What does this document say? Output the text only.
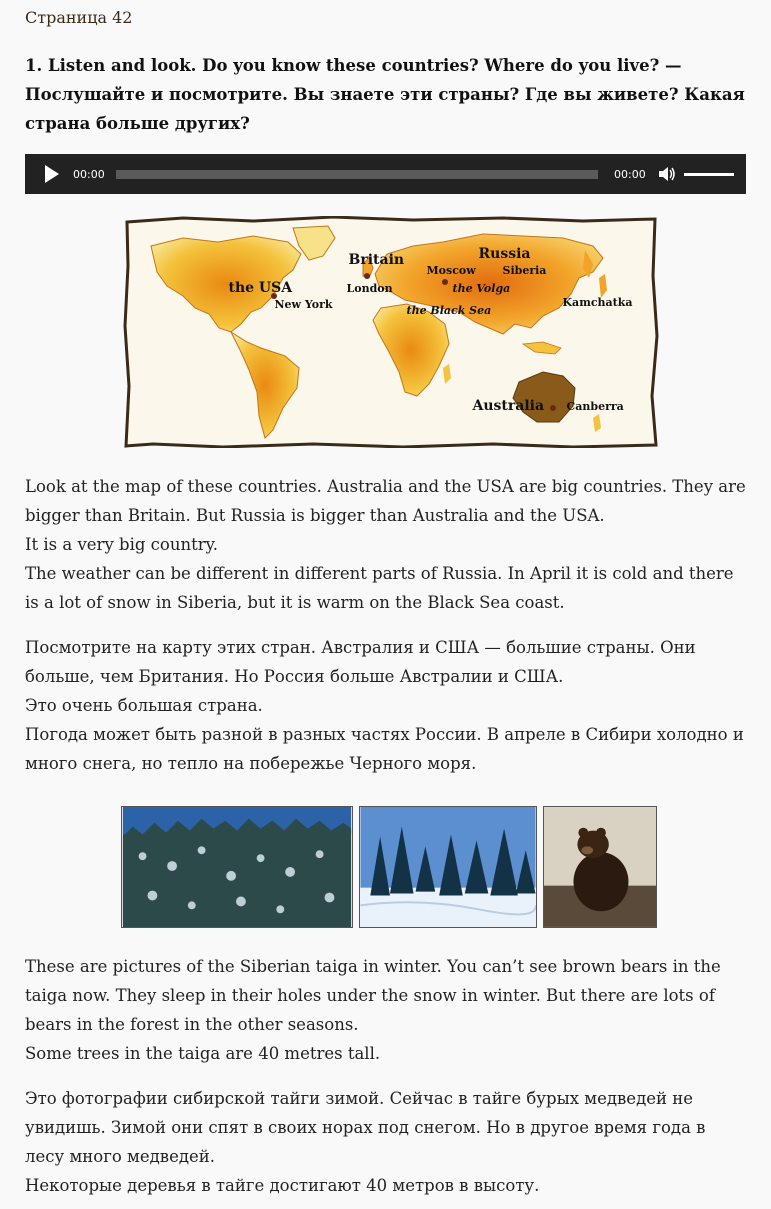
Страница 42
1. Listen and look. Do you know these countries? Where do you live? — Послушайте и посмотрите. Вы знаете эти страны? Где вы живете? Какая страна больше других?
00:00	00:00
the USA
New York
Britain
London
Moscow
Russia
Siberia
the Volga
the Black Sea
Kamchatka
Australia Canberra

Look at the map of these countries. Australia and the USA are big countries. They are bigger than Britain. But Russia is bigger than Australia and the USA.

It is a very big country.

The weather can be different in different parts of Russia. In April it is cold and there is a lot of snow in Siberia, but it is warm on the Black Sea coast.

Посмотрите на карту этих стран. Австралия и США — большие страны. Они больше, чем Британия. Но Россия больше Австралии и США.

Это очень большая страна.

Погода может быть разной в разных частях России. В апреле в Сибири холодно и много снега, но тепло на побережье Черного моря.

These are pictures of the Siberian taiga in winter. You can’t see brown bears in the taiga now. They sleep in their holes under the snow in winter. But there are lots of bears in the forest in the other seasons.

Some trees in the taiga are 40 metres tall.

Это фотографии сибирской тайги зимой. Сейчас в тайге бурых медведей не увидишь. Зимой они спят в своих норах под снегом. Но в другое время года в лесу много медведей.

Некоторые деревья в тайге достигают 40 метров в высоту.
